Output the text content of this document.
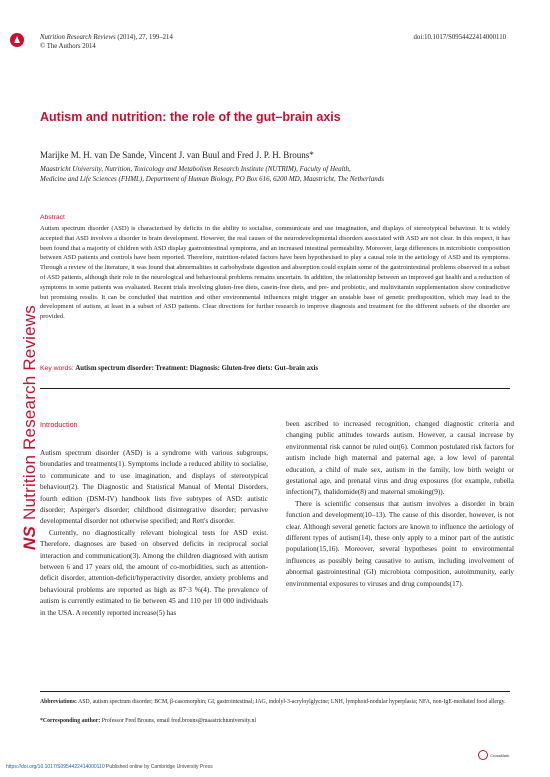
NSNutrition Research Reviews
Nutrition Research Reviews (2014), 27, 199–214
© The Authors 2014
doi:10.1017/S0954422414000110
Autism and nutrition: the role of the gut–brain axis
Marijke M. H. van De Sande, Vincent J. van Buul and Fred J. P. H. Brouns*
Maastricht University, Nutrition, Toxicology and Metabolism Research Institute (NUTRIM), Faculty of Health,
Medicine and Life Sciences (FHML), Department of Human Biology, PO Box 616, 6200 MD, Maastricht, The Netherlands
Abstract
Autism spectrum disorder (ASD) is characterised by deficits in the ability to socialise, communicate and use imagination, and displays of stereotypical behaviour. It is widely accepted that ASD involves a disorder in brain development. However, the real causes of the neurodevelopmental disorders associated with ASD are not clear. In this respect, it has been found that a majority of children with ASD display gastrointestinal symptoms, and an increased intestinal permeability. Moreover, large differences in microbiotic composition between ASD patients and controls have been reported. Therefore, nutrition-related factors have been hypothesised to play a causal role in the aetiology of ASD and its symptoms. Through a review of the literature, it was found that abnormalities in carbohydrate digestion and absorption could explain some of the gastrointestinal problems observed in a subset of ASD patients, although their role in the neurological and behavioural problems remains uncertain. In addition, the relationship between an improved gut health and a reduction of symptoms in some patients was evaluated. Recent trials involving gluten-free diets, casein-free diets, and pre- and probiotic, and multivitamin supplementation show contradictive but promising results. It can be concluded that nutrition and other environmental influences might trigger an unstable base of genetic predisposition, which may lead to the development of autism, at least in a subset of ASD patients. Clear directions for further research to improve diagnosis and treatment for the different subsets of the disorder are provided.
Key words: Autism spectrum disorder: Treatment: Diagnosis: Gluten-free diets: Gut–brain axis
Introduction

Autism spectrum disorder (ASD) is a syndrome with various subgroups, boundaries and treatments(1). Symptoms include a reduced ability to socialise, to communicate and to use imagination, and displays of stereotypical behaviour(2). The Diagnostic and Statistical Manual of Mental Disorders, fourth edition (DSM-IV) handbook lists five subtypes of ASD: autistic disorder; Asperger's disorder; childhood disintegrative disorder; pervasive developmental disorder not otherwise specified; and Rett's disorder.

Currently, no diagnostically relevant biological tests for ASD exist. Therefore, diagnoses are based on observed deficits in reciprocal social interaction and communication(3). Among the children diagnosed with autism between 6 and 17 years old, the amount of co-morbidities, such as attention-deficit disorder, attention-deficit/hyperactivity disorder, anxiety problems and behavioural problems are reported as high as 87·3 %(4). The prevalence of autism is currently estimated to lie between 45 and 110 per 10 000 individuals in the USA. A recently reported increase(5) has

been ascribed to increased recognition, changed diagnostic criteria and changing public attitudes towards autism. However, a causal increase by environmental risk cannot be ruled out(6). Common postulated risk factors for autism include high maternal and paternal age, a low level of parental education, a child of male sex, autism in the family, low birth weight or gestational age, and prenatal virus and drug exposures (for example, rubella infection(7), thalidomide(8) and maternal smoking(9)).

There is scientific consensus that autism involves a disorder in brain function and development(10–13). The cause of this disorder, however, is not clear. Although several genetic factors are known to influence the aetiology of different types of autism(14), these only apply to a minor part of the autistic population(15,16). Moreover, several hypotheses point to environmental influences as possibly being causative to autism, including involvement of abnormal gastrointestinal (GI) microbiota composition, autoimmunity, early environmental exposures to viruses and drug compounds(17).

Abbreviations: ASD, autism spectrum disorder; BCM, β-casomorphin; GI, gastrointestinal; IAG, indolyl-3-acryloylglycine; LNH, lymphoid-nodular hyperplasia; NFA, non-IgE-mediated food allergy.
*Corresponding author: Professor Fred Brouns, email fred.brouns@maastrichtuniversity.nl
https://doi.org/10.1017/S0954422414000110 Published online by Cambridge University Press
CrossMark
